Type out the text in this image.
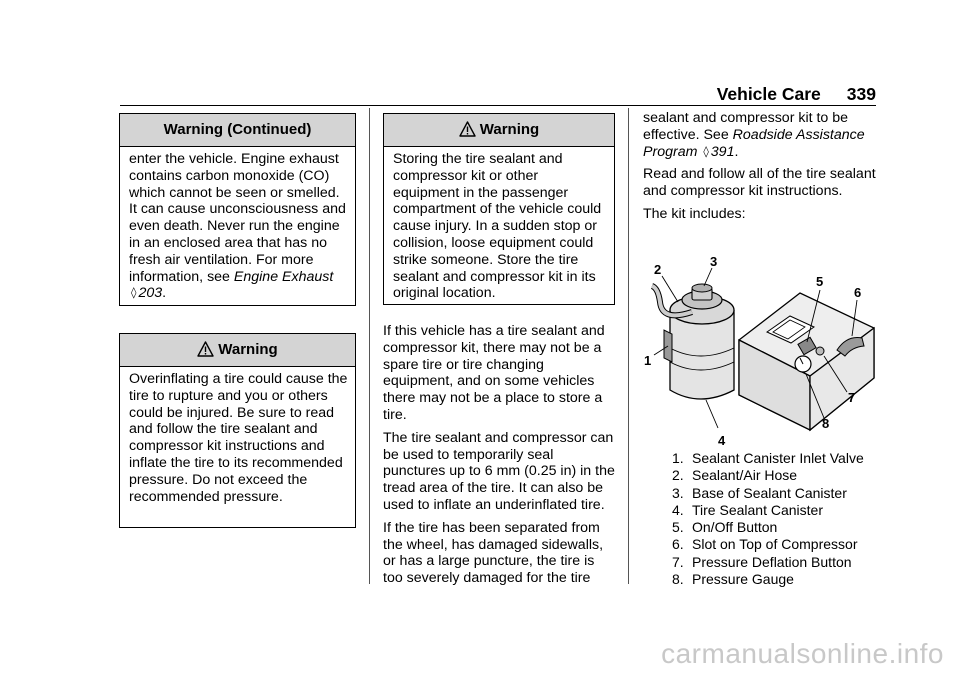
Vehicle Care 339
Warning (Continued)
enter the vehicle. Engine exhaust contains carbon monoxide (CO) which cannot be seen or smelled. It can cause unconsciousness and even death. Never run the engine in an enclosed area that has no fresh air ventilation. For more information, see Engine Exhaust ◊ 203.
Warning
Overinflating a tire could cause the tire to rupture and you or others could be injured. Be sure to read and follow the tire sealant and compressor kit instructions and inflate the tire to its recommended pressure. Do not exceed the recommended pressure.
Warning
Storing the tire sealant and compressor kit or other equipment in the passenger compartment of the vehicle could cause injury. In a sudden stop or collision, loose equipment could strike someone. Store the tire sealant and compressor kit in its original location.

If this vehicle has a tire sealant and compressor kit, there may not be a spare tire or tire changing equipment, and on some vehicles there may not be a place to store a tire.

The tire sealant and compressor can be used to temporarily seal punctures up to 6 mm (0.25 in) in the tread area of the tire. It can also be used to inflate an underinflated tire.

If the tire has been separated from the wheel, has damaged sidewalls, or has a large puncture, the tire is too severely damaged for the tire

sealant and compressor kit to be effective. See Roadside Assistance Program ◊ 391.

Read and follow all of the tire sealant and compressor kit instructions.

The kit includes:

1
2
3
4
5
6
7
8
1. Sealant Canister Inlet Valve
2. Sealant/Air Hose
3. Base of Sealant Canister
4. Tire Sealant Canister
5. On/Off Button
6. Slot on Top of Compressor
7. Pressure Deflation Button
8. Pressure Gauge
carmanualsonline.info
